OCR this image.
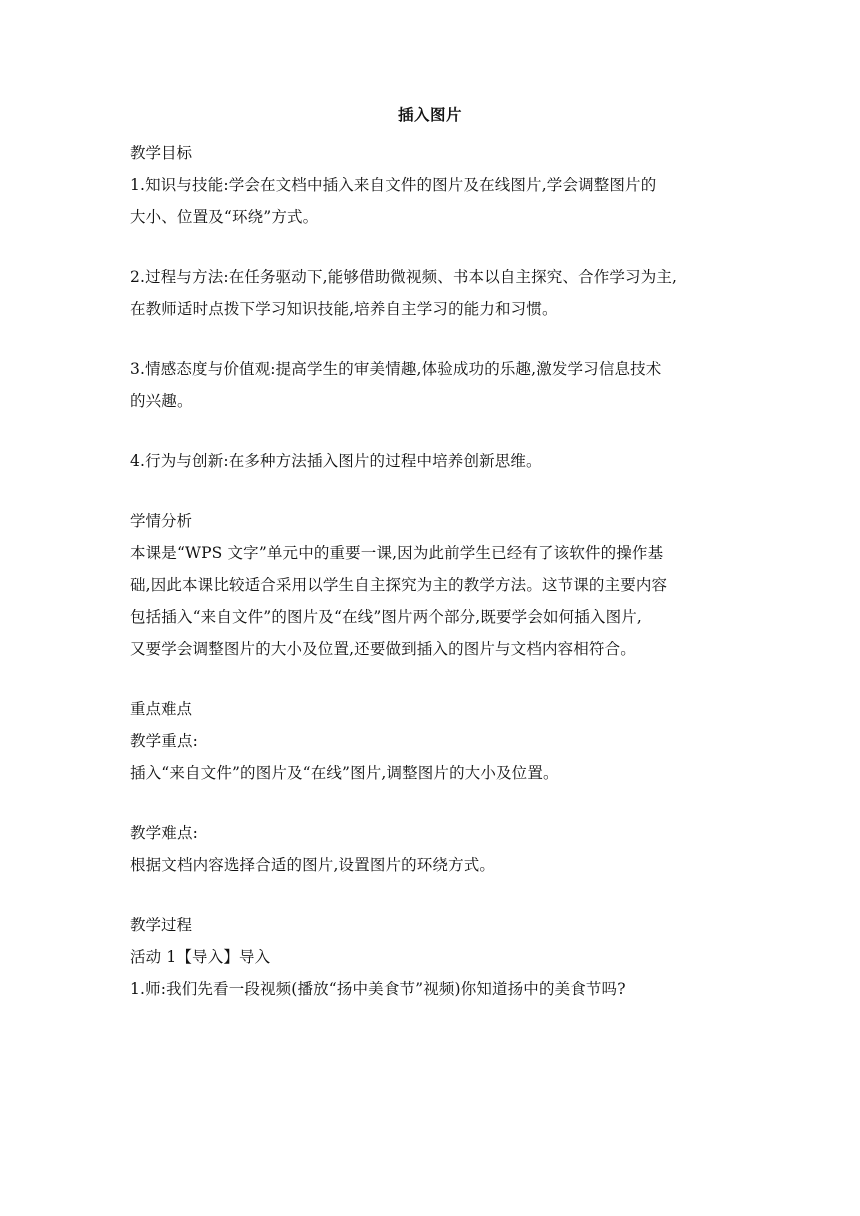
插入图片
教学目标
1.知识与技能:学会在文档中插入来自文件的图片及在线图片,学会调整图片的
大小、位置及“环绕”方式。
2.过程与方法:在任务驱动下,能够借助微视频、书本以自主探究、合作学习为主,
在教师适时点拨下学习知识技能,培养自主学习的能力和习惯。
3.情感态度与价值观:提高学生的审美情趣,体验成功的乐趣,激发学习信息技术
的兴趣。
4.行为与创新:在多种方法插入图片的过程中培养创新思维。
学情分析
本课是“WPS 文字”单元中的重要一课,因为此前学生已经有了该软件的操作基
础,因此本课比较适合采用以学生自主探究为主的教学方法。这节课的主要内容
包括插入“来自文件”的图片及“在线”图片两个部分,既要学会如何插入图片,
又要学会调整图片的大小及位置,还要做到插入的图片与文档内容相符合。
重点难点
教学重点:
插入“来自文件”的图片及“在线”图片,调整图片的大小及位置。
教学难点:
根据文档内容选择合适的图片,设置图片的环绕方式。
教学过程
活动 1【导入】导入
1.师:我们先看一段视频(播放“扬中美食节”视频)你知道扬中的美食节吗?
